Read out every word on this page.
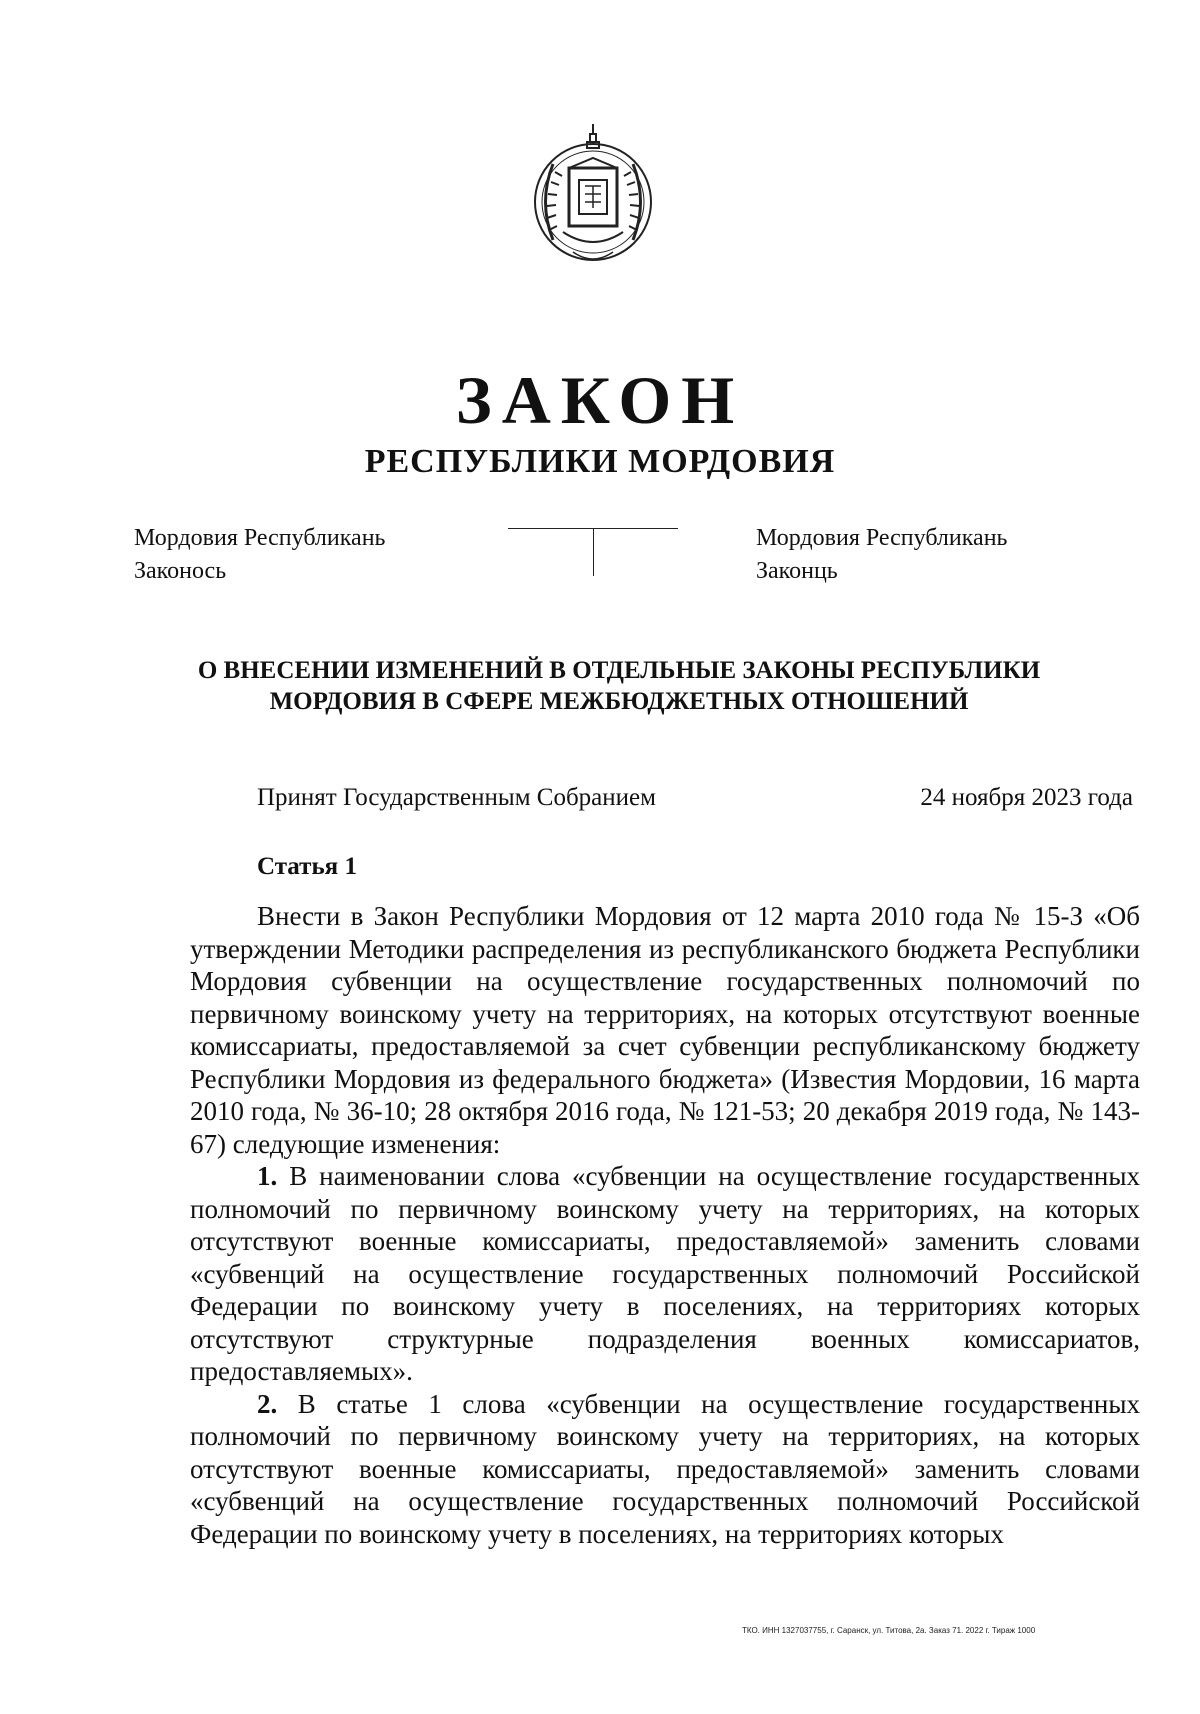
ЗАКОН
РЕСПУБЛИКИ МОРДОВИЯ
Мордовия Республикань
Законось
Мордовия Республикань
Законць
О ВНЕСЕНИИ ИЗМЕНЕНИЙ В ОТДЕЛЬНЫЕ ЗАКОНЫ РЕСПУБЛИКИ
МОРДОВИЯ В СФЕРЕ МЕЖБЮДЖЕТНЫХ ОТНОШЕНИЙ
Принят Государственным Собранием	24 ноября 2023 года
Статья 1

Внести в Закон Республики Мордовия от 12 марта 2010 года № 15-З «Об утверждении Методики распределения из республиканского бюджета Республики Мордовия субвенции на осуществление государственных полномочий по первичному воинскому учету на территориях, на которых отсутствуют военные комиссариаты, предоставляемой за счет субвенции республиканскому бюджету Республики Мордовия из федерального бюджета» (Известия Мордовии, 16 марта 2010 года, № 36-10; 28 октября 2016 года, № 121-53; 20 декабря 2019 года, № 143-67) следующие изменения:

1. В наименовании слова «субвенции на осуществление государственных полномочий по первичному воинскому учету на территориях, на которых отсутствуют военные комиссариаты, предоставляемой» заменить словами «субвенций на осуществление государственных полномочий Российской Федерации по воинскому учету в поселениях, на территориях которых отсутствуют структурные подразделения военных комиссариатов, предоставляемых».

2. В статье 1 слова «субвенции на осуществление государственных полномочий по первичному воинскому учету на территориях, на которых отсутствуют военные комиссариаты, предоставляемой» заменить словами «субвенций на осуществление государственных полномочий Российской Федерации по воинскому учету в поселениях, на территориях которых

ТКО. ИНН 1327037755, г. Саранск, ул. Титова, 2а. Заказ 71. 2022 г. Тираж 1000
